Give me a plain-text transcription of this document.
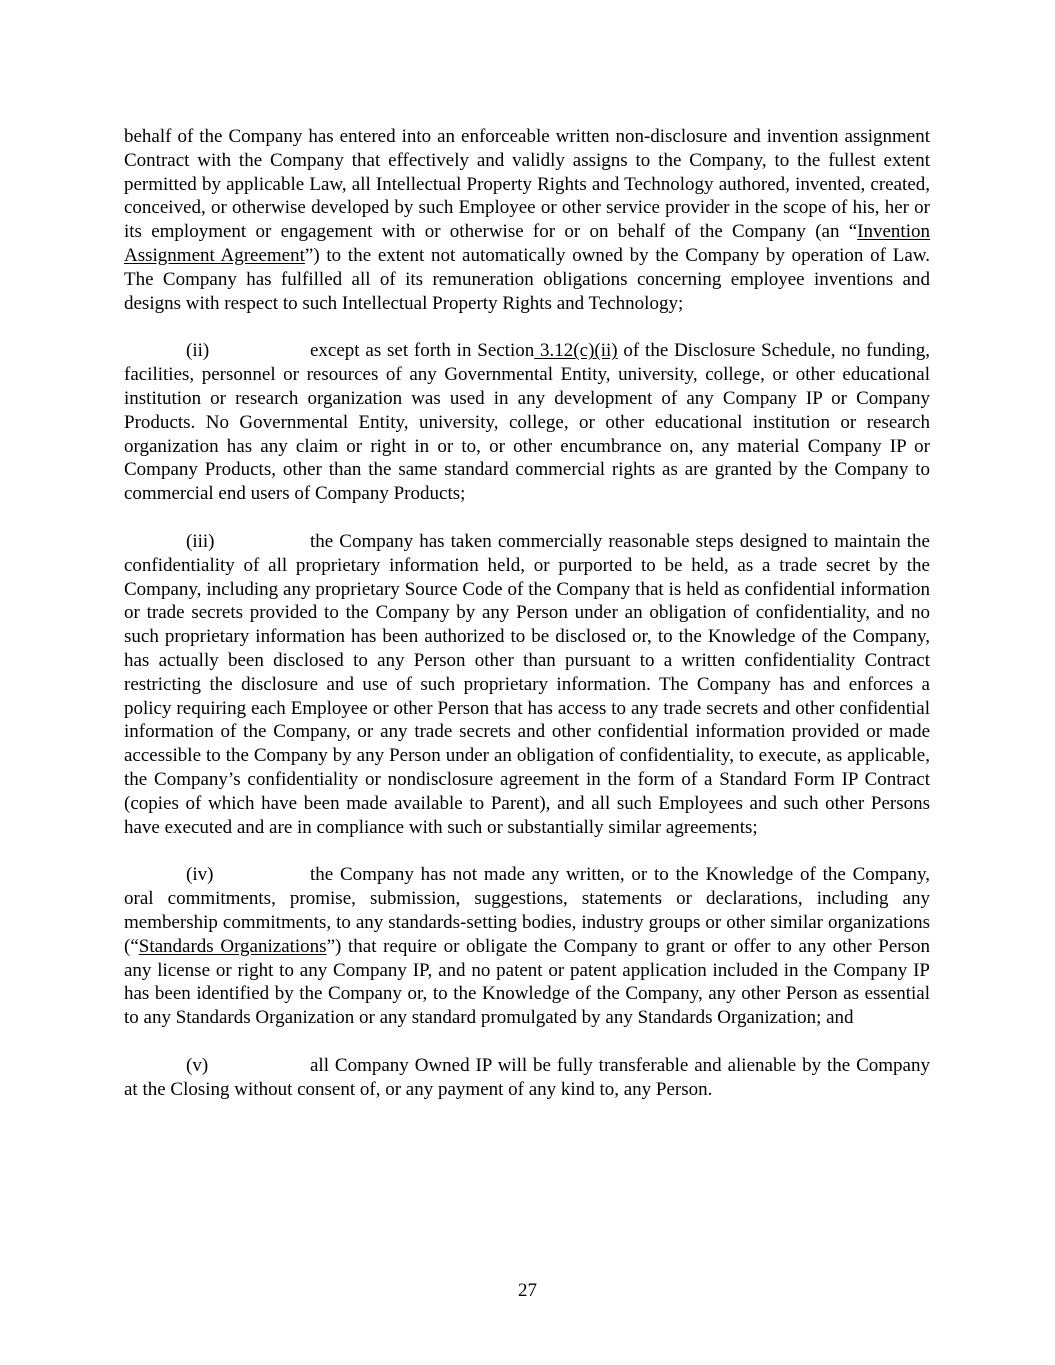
behalf of the Company has entered into an enforceable written non-disclosure and invention assignment Contract with the Company that effectively and validly assigns to the Company, to the fullest extent permitted by applicable Law, all Intellectual Property Rights and Technology authored, invented, created, conceived, or otherwise developed by such Employee or other service provider in the scope of his, her or its employment or engagement with or otherwise for or on behalf of the Company (an “Invention Assignment Agreement”) to the extent not automatically owned by the Company by operation of Law. The Company has fulfilled all of its remuneration obligations concerning employee inventions and designs with respect to such Intellectual Property Rights and Technology;

(ii)	except as set forth in Section 3.12(c)(ii) of the Disclosure Schedule, no funding, facilities, personnel or resources of any Governmental Entity, university, college, or other educational institution or research organization was used in any development of any Company IP or Company Products. No Governmental Entity, university, college, or other educational institution or research organization has any claim or right in or to, or other encumbrance on, any material Company IP or Company Products, other than the same standard commercial rights as are granted by the Company to commercial end users of Company Products;

(iii)	the Company has taken commercially reasonable steps designed to maintain the confidentiality of all proprietary information held, or purported to be held, as a trade secret by the Company, including any proprietary Source Code of the Company that is held as confidential information or trade secrets provided to the Company by any Person under an obligation of confidentiality, and no such proprietary information has been authorized to be disclosed or, to the Knowledge of the Company, has actually been disclosed to any Person other than pursuant to a written confidentiality Contract restricting the disclosure and use of such proprietary information. The Company has and enforces a policy requiring each Employee or other Person that has access to any trade secrets and other confidential information of the Company, or any trade secrets and other confidential information provided or made accessible to the Company by any Person under an obligation of confidentiality, to execute, as applicable, the Company’s confidentiality or nondisclosure agreement in the form of a Standard Form IP Contract (copies of which have been made available to Parent), and all such Employees and such other Persons have executed and are in compliance with such or substantially similar agreements;

(iv)	the Company has not made any written, or to the Knowledge of the Company, oral commitments, promise, submission, suggestions, statements or declarations, including any membership commitments, to any standards-setting bodies, industry groups or other similar organizations (“Standards Organizations”) that require or obligate the Company to grant or offer to any other Person any license or right to any Company IP, and no patent or patent application included in the Company IP has been identified by the Company or, to the Knowledge of the Company, any other Person as essential to any Standards Organization or any standard promulgated by any Standards Organization; and

(v)	all Company Owned IP will be fully transferable and alienable by the Company at the Closing without consent of, or any payment of any kind to, any Person.

27
